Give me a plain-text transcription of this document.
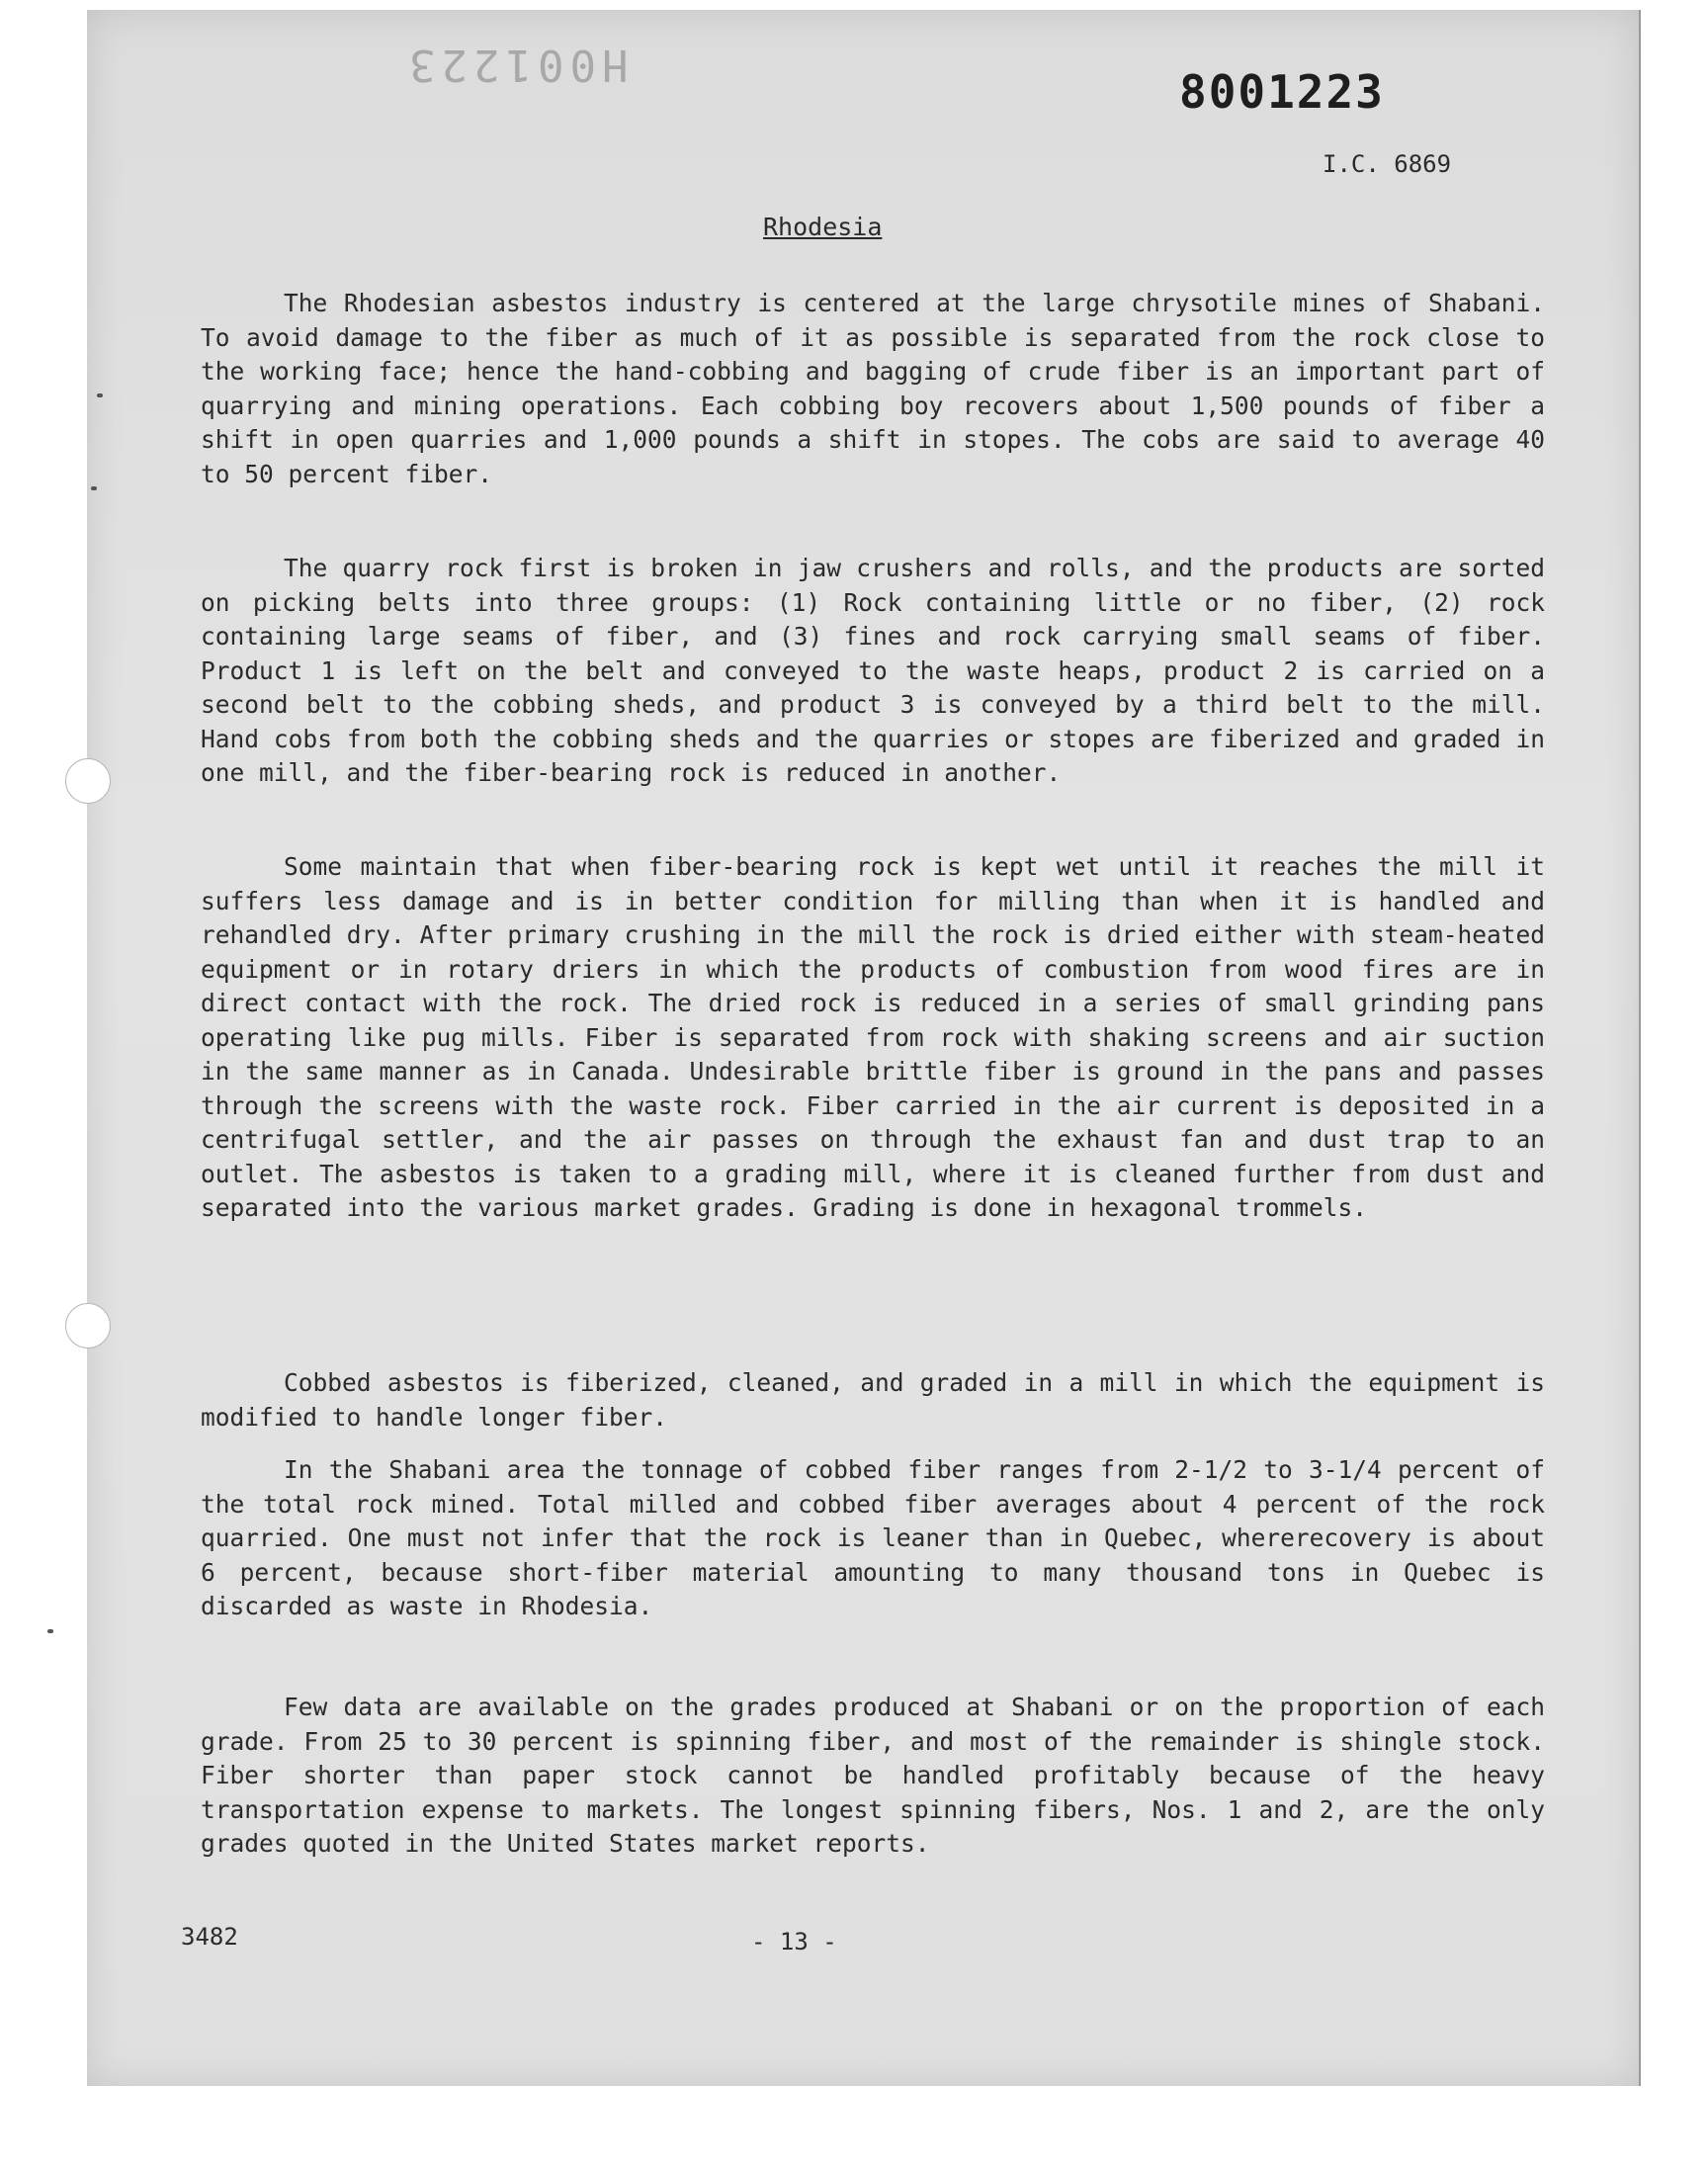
H001223
8001223
I.C. 6869
Rhodesia

The Rhodesian asbestos industry is centered at the large chrysotile mines of Shabani. To avoid damage to the fiber as much of it as possible is separated from the rock close to the working face; hence the hand-cobbing and bagging of crude fiber is an important part of quarrying and mining operations. Each cobbing boy recovers about 1,500 pounds of fiber a shift in open quarries and 1,000 pounds a shift in stopes. The cobs are said to average 40 to 50 percent fiber.

The quarry rock first is broken in jaw crushers and rolls, and the products are sorted on picking belts into three groups: (1) Rock containing little or no fiber, (2) rock containing large seams of fiber, and (3) fines and rock carrying small seams of fiber. Product 1 is left on the belt and conveyed to the waste heaps, product 2 is carried on a second belt to the cobbing sheds, and product 3 is conveyed by a third belt to the mill. Hand cobs from both the cobbing sheds and the quarries or stopes are fiberized and graded in one mill, and the fiber-bearing rock is reduced in another.

Some maintain that when fiber-bearing rock is kept wet until it reaches the mill it suffers less damage and is in better condition for milling than when it is handled and rehandled dry. After primary crushing in the mill the rock is dried either with steam-heated equipment or in rotary driers in which the products of combustion from wood fires are in direct contact with the rock. The dried rock is reduced in a series of small grinding pans operating like pug mills. Fiber is separated from rock with shaking screens and air suction in the same manner as in Canada. Undesirable brittle fiber is ground in the pans and passes through the screens with the waste rock. Fiber carried in the air current is deposited in a centrifugal settler, and the air passes on through the exhaust fan and dust trap to an outlet. The asbestos is taken to a grading mill, where it is cleaned further from dust and separated into the various market grades. Grading is done in hexagonal trommels.

Cobbed asbestos is fiberized, cleaned, and graded in a mill in which the equipment is modified to handle longer fiber.

In the Shabani area the tonnage of cobbed fiber ranges from 2-1/2 to 3-1/4 percent of the total rock mined. Total milled and cobbed fiber averages about 4 percent of the rock quarried. One must not infer that the rock is leaner than in Quebec, whererecovery is about 6 percent, because short-fiber material amounting to many thousand tons in Quebec is discarded as waste in Rhodesia.

Few data are available on the grades produced at Shabani or on the proportion of each grade. From 25 to 30 percent is spinning fiber, and most of the remainder is shingle stock. Fiber shorter than paper stock cannot be handled profitably because of the heavy transportation expense to markets. The longest spinning fibers, Nos. 1 and 2, are the only grades quoted in the United States market reports.

3482	- 13 -
